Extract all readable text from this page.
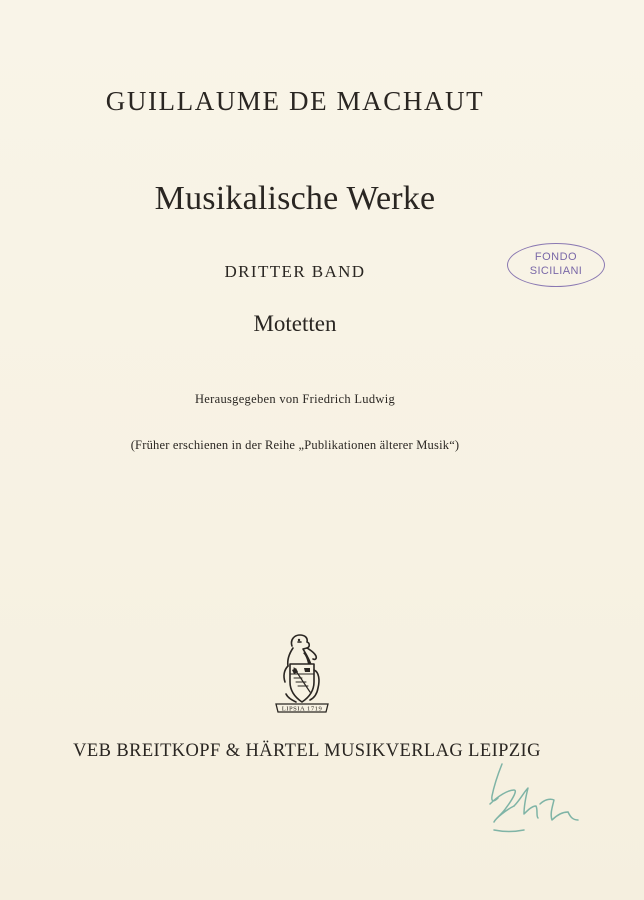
GUILLAUME DE MACHAUT
Musikalische Werke
DRITTER BAND
Motetten
Herausgegeben von Friedrich Ludwig
(Früher erschienen in der Reihe „Publikationen älterer Musik“)
FONDO
SICILIANI
LIPSIA 1719
VEB BREITKOPF & HÄRTEL MUSIKVERLAG LEIPZIG
